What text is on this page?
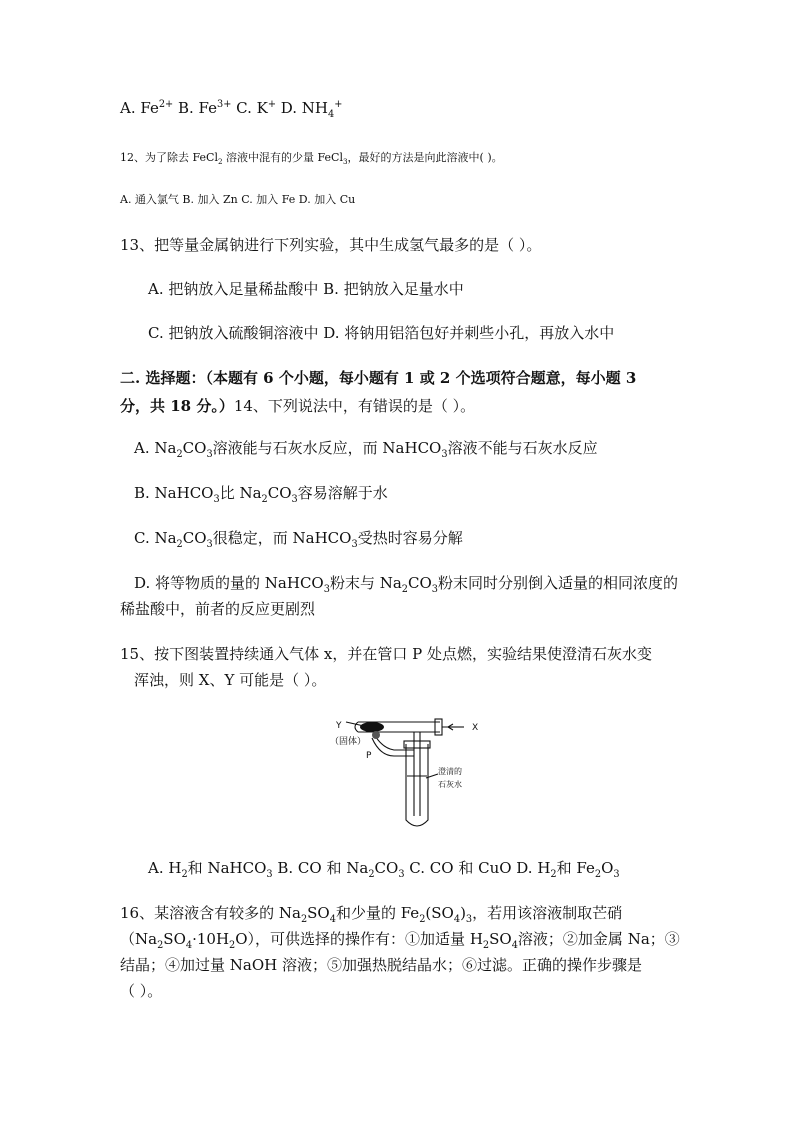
A. $Fe^{2+}$ B. $Fe^{3+}$ C. K+ D. $NH_4^+$
12、为了除去 FeCl$_2$ 溶液中混有的少量 FeCl$_3$，最好的方法是向此溶液中( )。
A. 通入氯气 B. 加入 Zn C. 加入 Fe D. 加入 Cu
13、把等量金属钠进行下列实验，其中生成氢气最多的是（ ）。
A. 把钠放入足量稀盐酸中 B. 把钠放入足量水中
C. 把钠放入硫酸铜溶液中 D. 将钠用铝箔包好并刺些小孔，再放入水中
二. 选择题：（本题有 6 个小题，每小题有 1 或 2 个选项符合题意，每小题 3
分，共 18 分。）14、下列说法中，有错误的是（ ）。
A. $Na_2CO_3$溶液能与石灰水反应，而 NaHCO$_3$溶液不能与石灰水反应
B. NaHCO$_3$比 $Na_2CO_3$容易溶解于水
C. $Na_2CO_3$很稳定，而 NaHCO$_3$受热时容易分解
D. 将等物质的量的 NaHCO$_3$粉末与 $Na_2CO_3$粉末同时分别倒入适量的相同浓度的
稀盐酸中，前者的反应更剧烈
15、按下图装置持续通入气体 x，并在管口 P 处点燃，实验结果使澄清石灰水变
浑浊，则 X、Y 可能是（ ）。
Y	X
（固体）
P
澄清的
石灰水
A. $H_2$和 NaHCO$_3$ B. CO 和 $Na_2CO_3$ C. CO 和 CuO D. $H_2$和 $Fe_2O_3$
16、某溶液含有较多的 $Na_2SO_4$和少量的 $Fe_2(SO_4)_3$，若用该溶液制取芒硝
$(Na_2SO_4\cdot 10H_2O)$，可供选择的操作有：①加适量 $H_2SO_4$溶液；②加金属 Na；③
结晶；④加过量 NaOH 溶液；⑤加强热脱结晶水；⑥过滤。正确的操作步骤是
（ ）。
